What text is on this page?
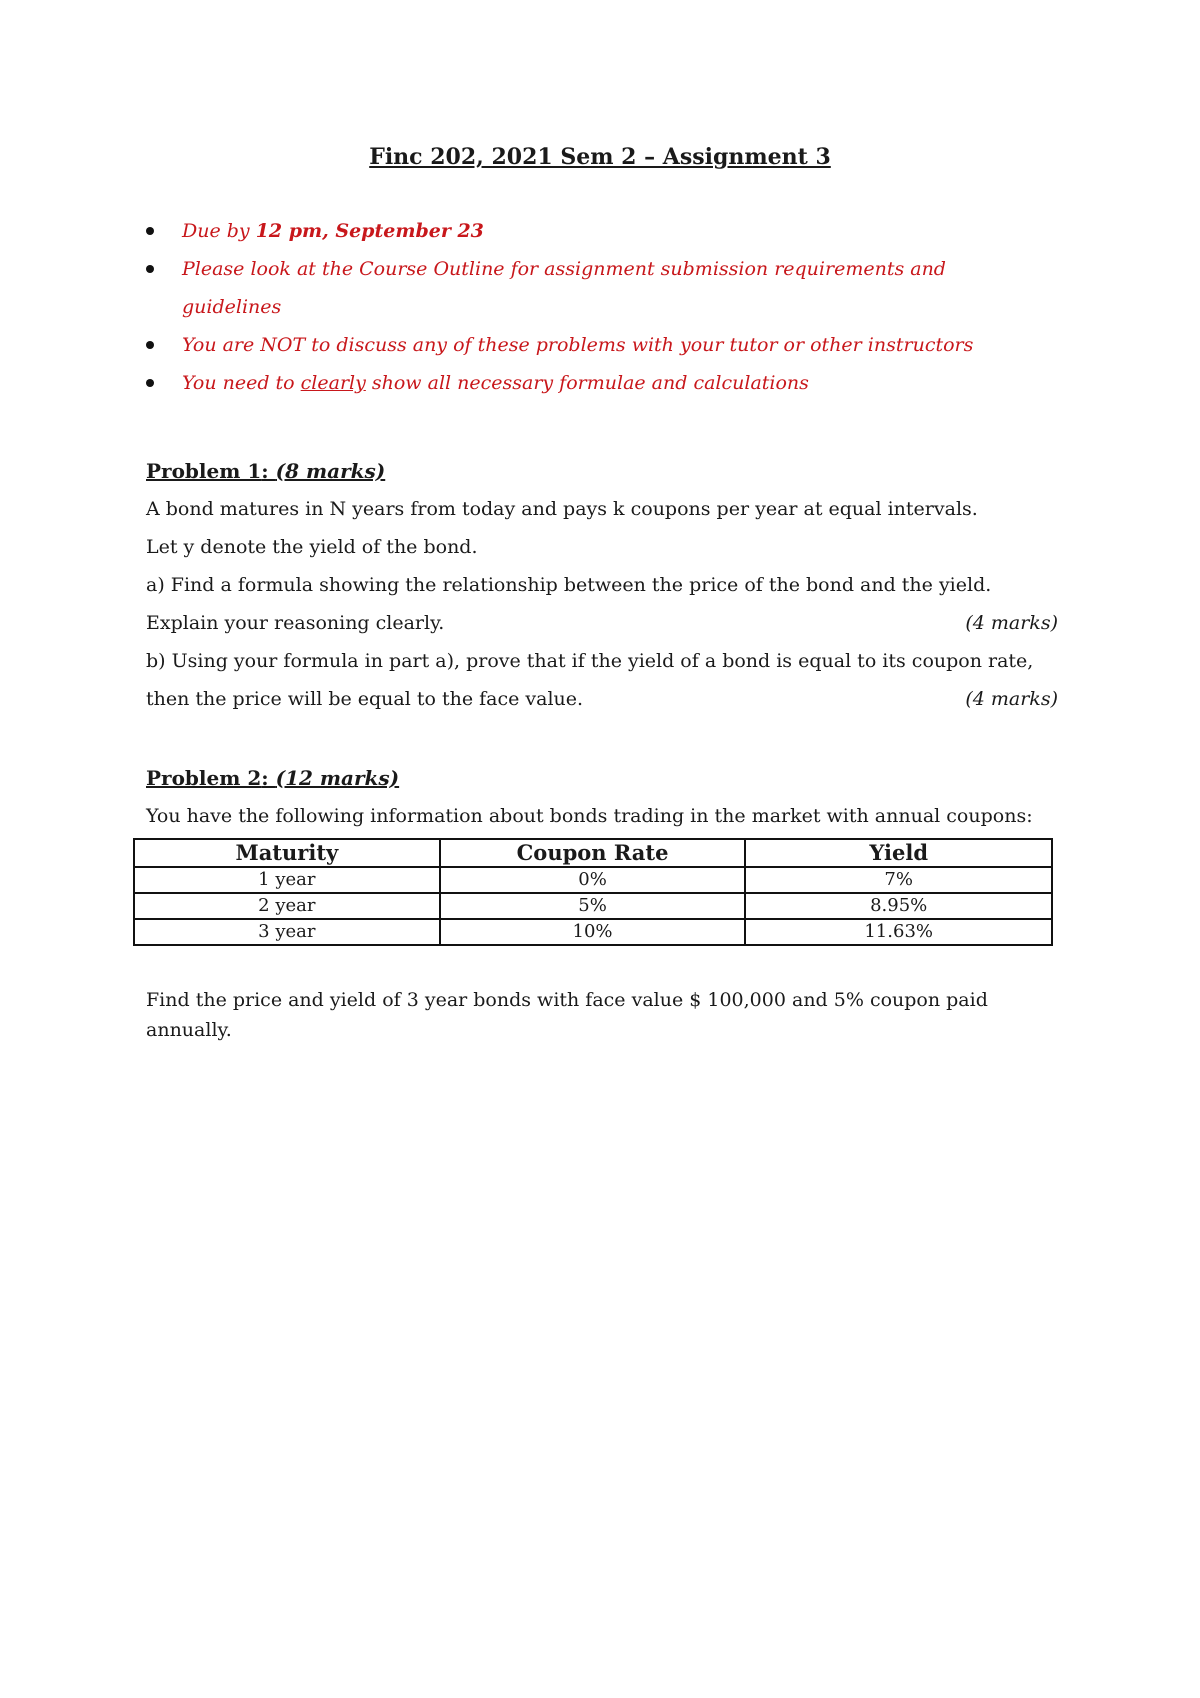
Finc 202, 2021 Sem 2 – Assignment 3
Due by 12 pm, September 23
Please look at the Course Outline for assignment submission requirements and guidelines
You are NOT to discuss any of these problems with your tutor or other instructors
You need to clearly show all necessary formulae and calculations
Problem 1: (8 marks)
A bond matures in N years from today and pays k coupons per year at equal intervals.
Let y denote the yield of the bond.
a) Find a formula showing the relationship between the price of the bond and the yield.
Explain your reasoning clearly.	(4 marks)
b) Using your formula in part a), prove that if the yield of a bond is equal to its coupon rate,
then the price will be equal to the face value.	(4 marks)
Problem 2: (12 marks)
You have the following information about bonds trading in the market with annual coupons:
Maturity	Coupon Rate	Yield
1 year	0%	7%
2 year	5%	8.95%
3 year	10%	11.63%
Find the price and yield of 3 year bonds with face value $ 100,000 and 5% coupon paid annually.
